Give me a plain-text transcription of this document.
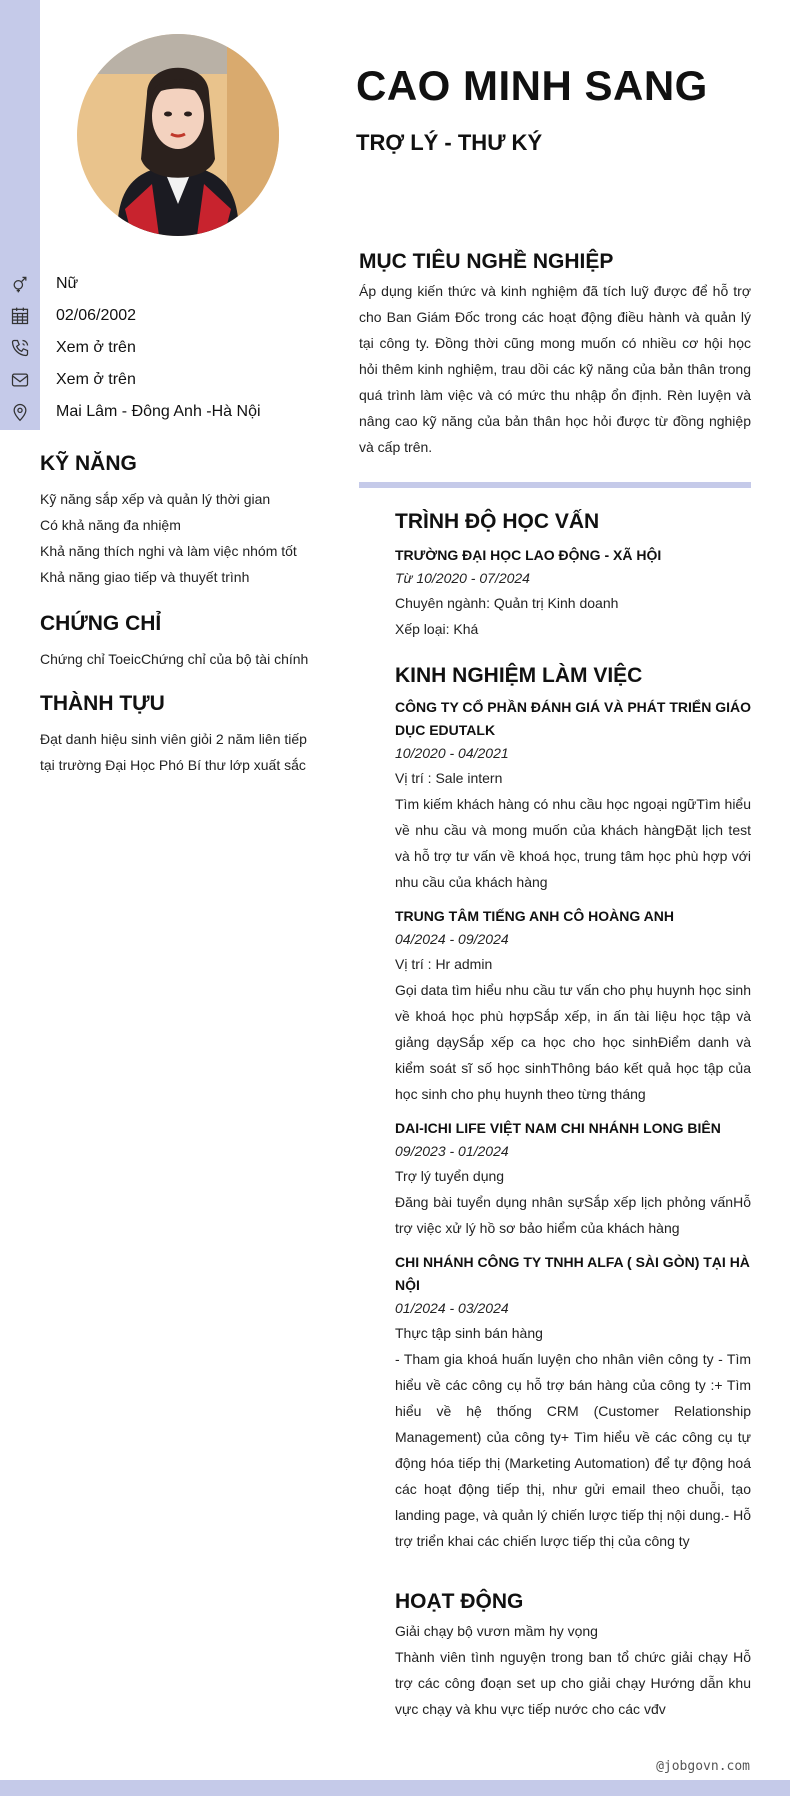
CAO MINH SANG
TRỢ LÝ - THƯ KÝ
Nữ
02/06/2002
Xem ở trên
Xem ở trên
Mai Lâm - Đông Anh -Hà Nội
KỸ NĂNG
Kỹ năng sắp xếp và quản lý thời gian
Có khả năng đa nhiệm
Khả năng thích nghi và làm việc nhóm tốt
Khả năng giao tiếp và thuyết trình
CHỨNG CHỈ
Chứng chỉ ToeicChứng chỉ của bộ tài chính
THÀNH TỰU
Đạt danh hiệu sinh viên giỏi 2 năm liên tiếp tại trường Đại Học Phó Bí thư lớp xuất sắc
MỤC TIÊU NGHỀ NGHIỆP
Áp dụng kiến thức và kinh nghiệm đã tích luỹ được để hỗ trợ cho Ban Giám Đốc trong các hoạt động điều hành và quản lý tại công ty. Đồng thời cũng mong muốn có nhiều cơ hội học hỏi thêm kinh nghiệm, trau dồi các kỹ năng của bản thân trong quá trình làm việc và có mức thu nhập ổn định. Rèn luyện và nâng cao kỹ năng của bản thân học hỏi được từ đồng nghiệp và cấp trên.
TRÌNH ĐỘ HỌC VẤN
TRƯỜNG ĐẠI HỌC LAO ĐỘNG - XÃ HỘI
Từ 10/2020 - 07/2024
Chuyên ngành: Quản trị Kinh doanh
Xếp loại: Khá
KINH NGHIỆM LÀM VIỆC
CÔNG TY CỔ PHẦN ĐÁNH GIÁ VÀ PHÁT TRIỂN GIÁO DỤC EDUTALK
10/2020 - 04/2021
Vị trí : Sale intern
Tìm kiếm khách hàng có nhu cầu học ngoại ngữTìm hiểu về nhu cầu và mong muốn của khách hàngĐặt lịch test và hỗ trợ tư vấn về khoá học, trung tâm học phù hợp với nhu cầu của khách hàng
TRUNG TÂM TIẾNG ANH CÔ HOÀNG ANH
04/2024 - 09/2024
Vị trí : Hr admin
Gọi data tìm hiểu nhu cầu tư vấn cho phụ huynh học sinh về khoá học phù hợpSắp xếp, in ấn tài liệu học tập và giảng dạySắp xếp ca học cho học sinhĐiểm danh và kiểm soát sĩ số học sinhThông báo kết quả học tập của học sinh cho phụ huynh theo từng tháng
DAI-ICHI LIFE VIỆT NAM CHI NHÁNH LONG BIÊN
09/2023 - 01/2024
Trợ lý tuyển dụng
Đăng bài tuyển dụng nhân sựSắp xếp lịch phỏng vấnHỗ trợ việc xử lý hồ sơ bảo hiểm của khách hàng
CHI NHÁNH CÔNG TY TNHH ALFA ( SÀI GÒN) TẠI HÀ NỘI
01/2024 - 03/2024
Thực tập sinh bán hàng
- Tham gia khoá huấn luyện cho nhân viên công ty - Tìm hiểu về các công cụ hỗ trợ bán hàng của công ty :+ Tìm hiểu về hệ thống CRM (Customer Relationship Management) của công ty+ Tìm hiểu về các công cụ tự động hóa tiếp thị (Marketing Automation) để tự động hoá các hoạt động tiếp thị, như gửi email theo chuỗi, tạo landing page, và quản lý chiến lược tiếp thị nội dung.- Hỗ trợ triển khai các chiến lược tiếp thị của công ty
HOẠT ĐỘNG
Giải chạy bộ vươn mầm hy vọng
Thành viên tình nguyện trong ban tổ chức giải chạy Hỗ trợ các công đoạn set up cho giải chạy Hướng dẫn khu vực chạy và khu vực tiếp nước cho các vđv
@jobgovn.com
